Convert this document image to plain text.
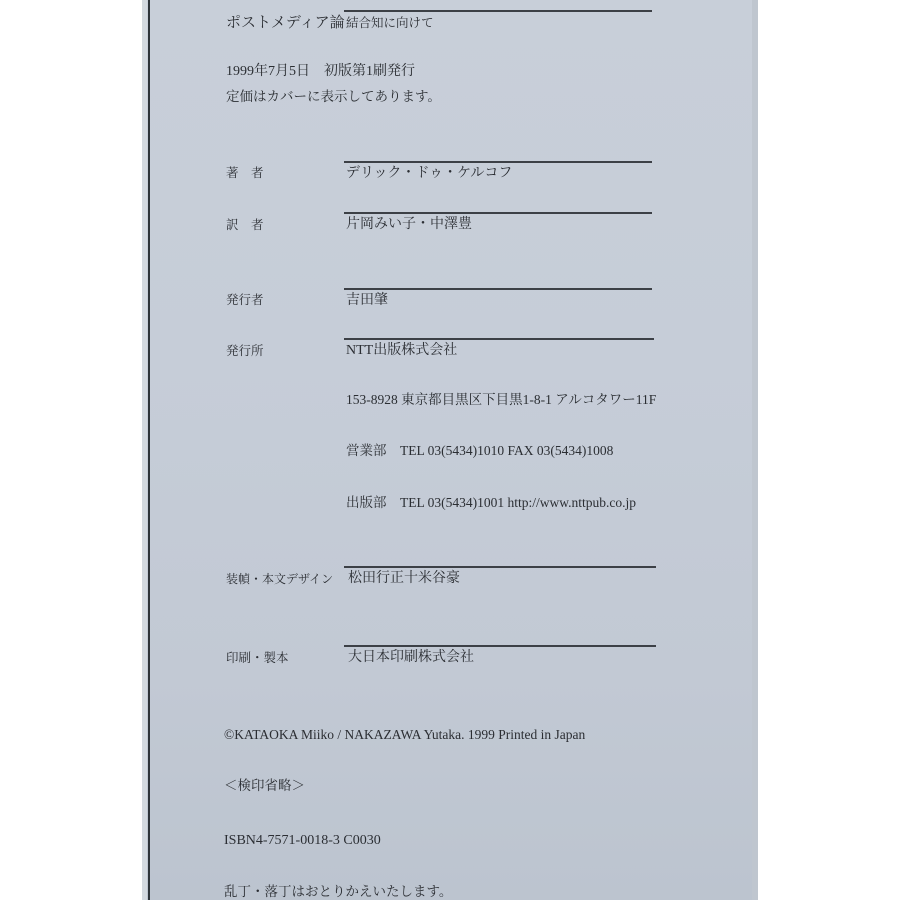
ポストメディア論 結合知に向けて
1999年7月5日　初版第1刷発行
定価はカバーに表示してあります。
著　者	デリック・ドゥ・ケルコフ
訳　者	片岡みい子・中澤豊
発行者	吉田肇
発行所	NTT出版株式会社
153-8928 東京都目黒区下目黒1-8-1 アルコタワー11F
営業部　TEL 03(5434)1010 FAX 03(5434)1008
出版部　TEL 03(5434)1001 http://www.nttpub.co.jp
装幀・本文デザイン 松田行正十米谷豪
印刷・製本	大日本印刷株式会社
©KATAOKA Miiko / NAKAZAWA Yutaka. 1999 Printed in Japan
＜検印省略＞
ISBN4-7571-0018-3 C0030
乱丁・落丁はおとりかえいたします。
